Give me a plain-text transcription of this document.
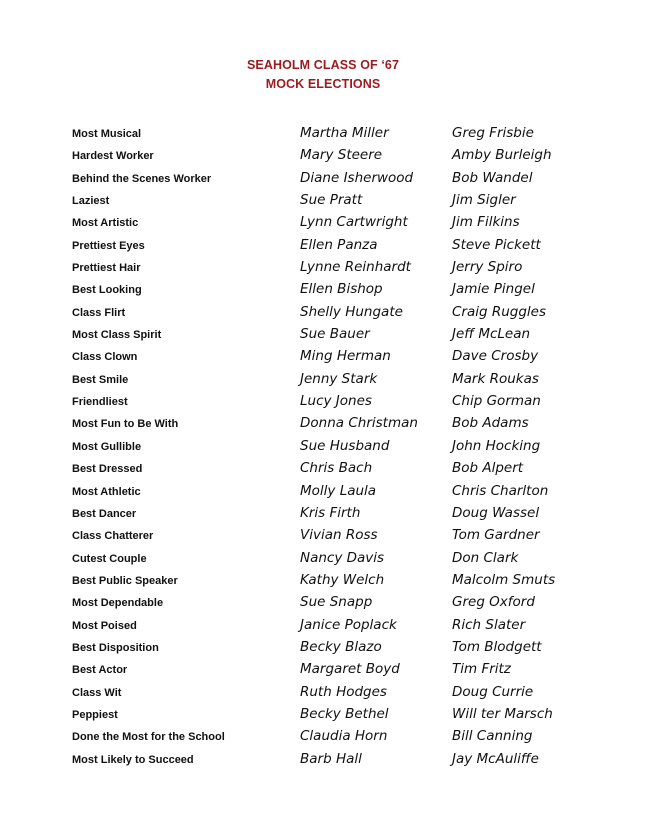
SEAHOLM CLASS OF ‘67
MOCK ELECTIONS
Most Musical	Martha Miller	Greg Frisbie
Hardest Worker	Mary Steere	Amby Burleigh
Behind the Scenes Worker	Diane Isherwood	Bob Wandel
Laziest	Sue Pratt	Jim Sigler
Most Artistic	Lynn Cartwright	Jim Filkins
Prettiest Eyes	Ellen Panza	Steve Pickett
Prettiest Hair	Lynne Reinhardt	Jerry Spiro
Best Looking	Ellen Bishop	Jamie Pingel
Class Flirt	Shelly Hungate	Craig Ruggles
Most Class Spirit	Sue Bauer	Jeff McLean
Class Clown	Ming Herman	Dave Crosby
Best Smile	Jenny Stark	Mark Roukas
Friendliest	Lucy Jones	Chip Gorman
Most Fun to Be With	Donna Christman	Bob Adams
Most Gullible	Sue Husband	John Hocking
Best Dressed	Chris Bach	Bob Alpert
Most Athletic	Molly Laula	Chris Charlton
Best Dancer	Kris Firth	Doug Wassel
Class Chatterer	Vivian Ross	Tom Gardner
Cutest Couple	Nancy Davis	Don Clark
Best Public Speaker	Kathy Welch	Malcolm Smuts
Most Dependable	Sue Snapp	Greg Oxford
Most Poised	Janice Poplack	Rich Slater
Best Disposition	Becky Blazo	Tom Blodgett
Best Actor	Margaret Boyd	Tim Fritz
Class Wit	Ruth Hodges	Doug Currie
Peppiest	Becky Bethel	Will ter Marsch
Done the Most for the School	Claudia Horn	Bill Canning
Most Likely to Succeed	Barb Hall	Jay McAuliffe
